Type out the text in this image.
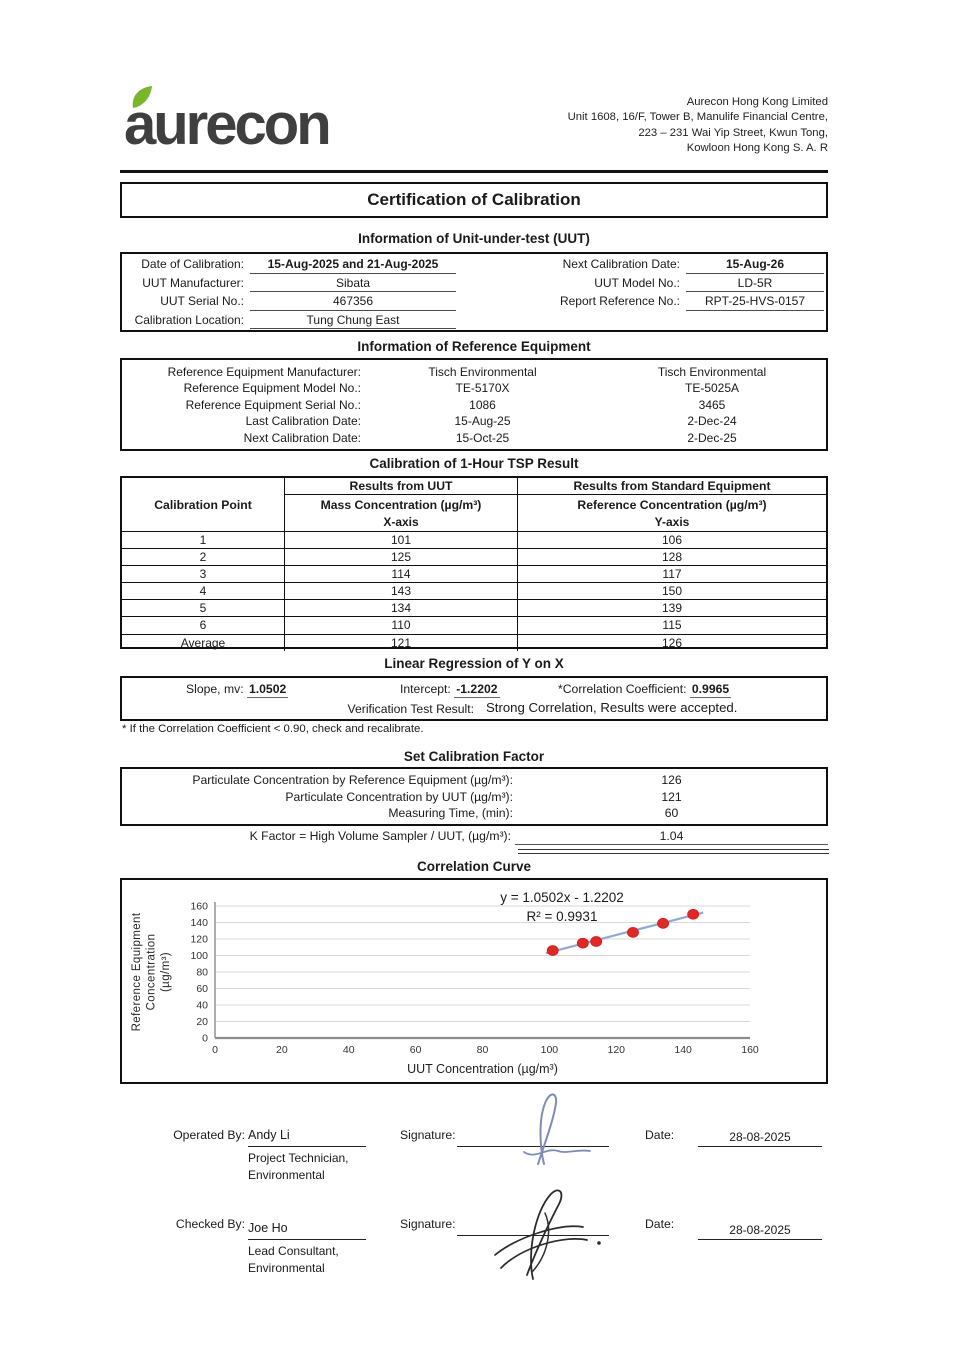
aurecon	Aurecon Hong Kong Limited
Unit 1608, 16/F, Tower B, Manulife Financial Centre,
223 – 231 Wai Yip Street, Kwun Tong,
Kowloon Hong Kong S. A. R
Certification of Calibration
Information of Unit-under-test (UUT)
Date of Calibration:	15-Aug-2025 and 21-Aug-2025	Next Calibration Date:	15-Aug-26
UUT Manufacturer:	Sibata	UUT Model No.:	LD-5R
UUT Serial No.:	467356	Report Reference No.:	RPT-25-HVS-0157
Calibration Location:	Tung Chung East
Information of Reference Equipment
Reference Equipment Manufacturer:	Tisch Environmental	Tisch Environmental
Reference Equipment Model No.:	TE-5170X	TE-5025A
Reference Equipment Serial No.:	1086	3465
Last Calibration Date:	15-Aug-25	2-Dec-24
Next Calibration Date:	15-Oct-25	2-Dec-25
Calibration of 1-Hour TSP Result
Calibration Point
Results from UUT
Mass Concentration (µg/m³)
X-axis
Results from Standard Equipment
Reference Concentration (µg/m³)
Y-axis
1	101	106
2	125	128
3	114	117
4	143	150
5	134	139
6	110	115
Average	121	126
Linear Regression of Y on X
Slope, mv: 1.0502	Intercept: -1.2202	*Correlation Coefficient: 0.9965
Verification Test Result: Strong Correlation, Results were accepted.
* If the Correlation Coefficient < 0.90, check and recalibrate.
Set Calibration Factor
Particulate Concentration by Reference Equipment (µg/m³):	126
Particulate Concentration by UUT (µg/m³):	121
Measuring Time, (min):	60
K Factor = High Volume Sampler / UUT, (µg/m³):	1.04
Correlation Curve
0
20
40
60
80
100
120
140
160
0	20	40	60	80	100	120	140	160
y = 1.0502x - 1.2202
R² = 0.9931
Reference Equipment Concentration (µg/m³)
UUT Concentration (µg/m³)
Operated By: Andy Li
Project Technician,
Environmental
Signature:	Date:	28-08-2025
Checked By: Joe Ho
Lead Consultant,
Environmental
Signature:	Date:	28-08-2025
